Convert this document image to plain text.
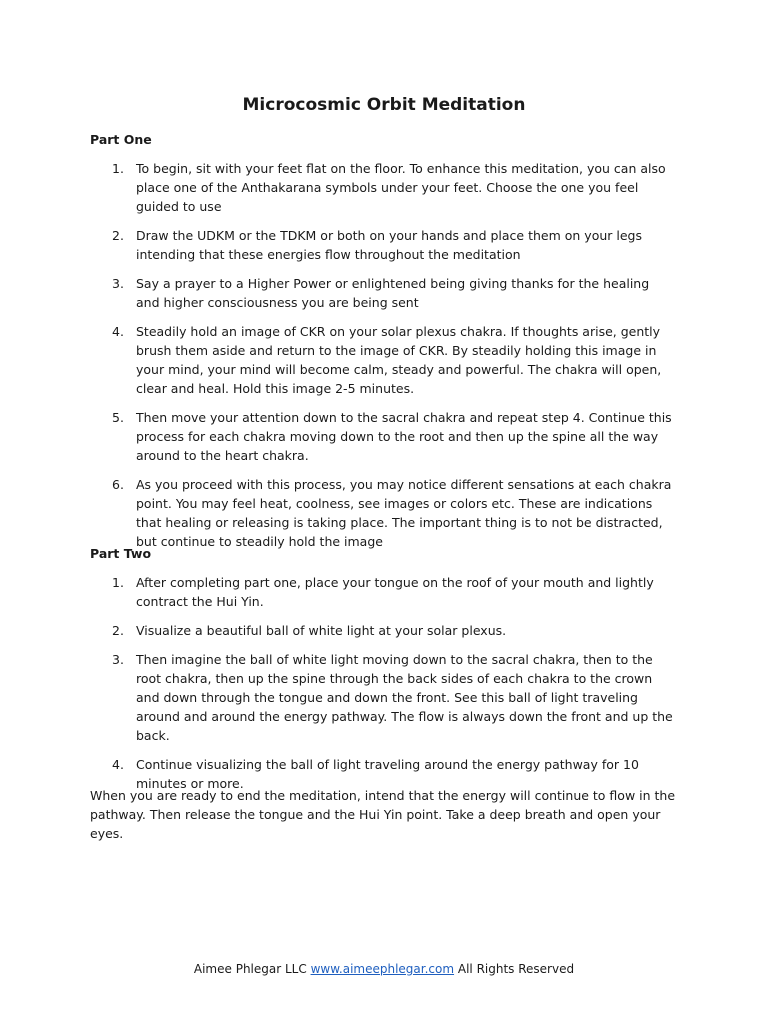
Microcosmic Orbit Meditation
Part One
1. To begin, sit with your feet flat on the floor. To enhance this meditation, you can also place one of the Anthakarana symbols under your feet. Choose the one you feel guided to use
2. Draw the UDKM or the TDKM or both on your hands and place them on your legs intending that these energies flow throughout the meditation
3. Say a prayer to a Higher Power or enlightened being giving thanks for the healing and higher consciousness you are being sent
4. Steadily hold an image of CKR on your solar plexus chakra. If thoughts arise, gently brush them aside and return to the image of CKR. By steadily holding this image in your mind, your mind will become calm, steady and powerful. The chakra will open, clear and heal. Hold this image 2-5 minutes.
5. Then move your attention down to the sacral chakra and repeat step 4. Continue this process for each chakra moving down to the root and then up the spine all the way around to the heart chakra.
6. As you proceed with this process, you may notice different sensations at each chakra point. You may feel heat, coolness, see images or colors etc. These are indications that healing or releasing is taking place. The important thing is to not be distracted, but continue to steadily hold the image
Part Two
1. After completing part one, place your tongue on the roof of your mouth and lightly contract the Hui Yin.
2. Visualize a beautiful ball of white light at your solar plexus.
3. Then imagine the ball of white light moving down to the sacral chakra, then to the root chakra, then up the spine through the back sides of each chakra to the crown and down through the tongue and down the front. See this ball of light traveling around and around the energy pathway. The flow is always down the front and up the back.
4. Continue visualizing the ball of light traveling around the energy pathway for 10 minutes or more.

When you are ready to end the meditation, intend that the energy will continue to flow in the pathway. Then release the tongue and the Hui Yin point. Take a deep breath and open your eyes.

Aimee Phlegar LLC www.aimeephlegar.com All Rights Reserved
